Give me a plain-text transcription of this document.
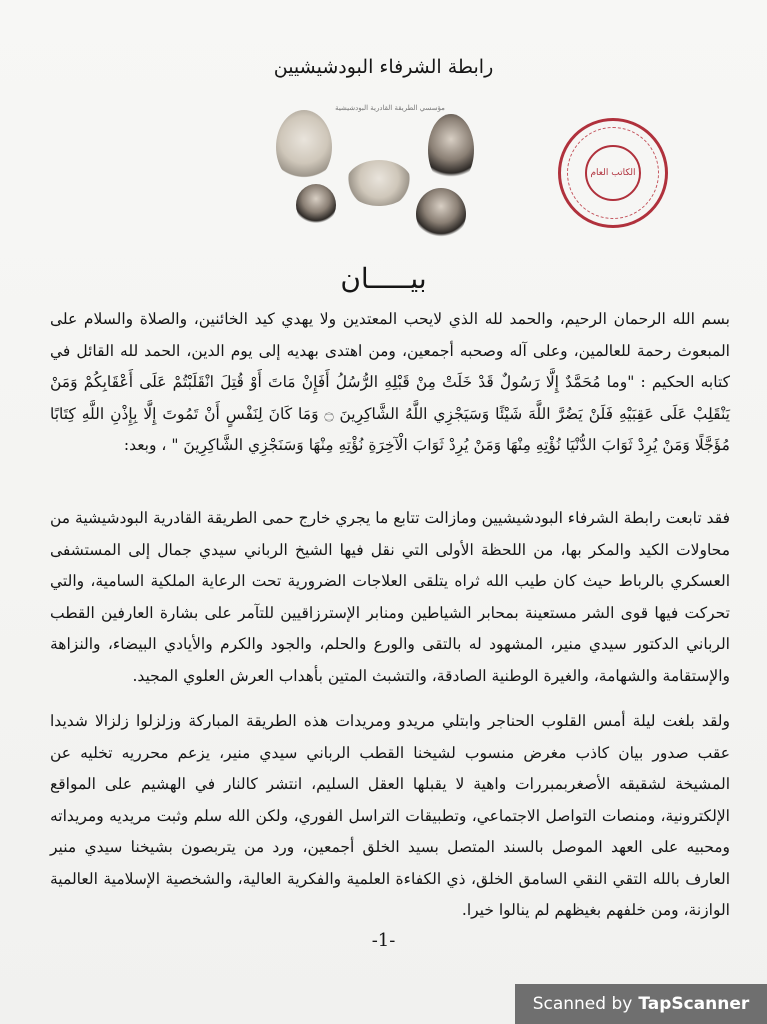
رابطة الشرفاء البودشيشيين
مؤسسي الطريقة القادرية البودشيشية
الكاتب العام
بيـــــان
بسم الله الرحمان الرحيم، والحمد لله الذي لايحب المعتدين ولا يهدي كيد الخائنين، والصلاة والسلام على المبعوث رحمة للعالمين، وعلى آله وصحبه أجمعين، ومن اهتدى بهديه إلى يوم الدين، الحمد لله القائل في كتابه الحكيم : "وما مُحَمَّدٌ إِلَّا رَسُولٌ قَدْ خَلَتْ مِنْ قَبْلِهِ الرُّسُلُ أَفَإِنْ مَاتَ أَوْ قُتِلَ انْقَلَبْتُمْ عَلَى أَعْقَابِكُمْ وَمَنْ يَنْقَلِبْ عَلَى عَقِبَيْهِ فَلَنْ يَضُرَّ اللَّهَ شَيْئًا وَسَيَجْزِي اللَّهُ الشَّاكِرِينَ ۝ وَمَا كَانَ لِنَفْسٍ أَنْ تَمُوتَ إِلَّا بِإِذْنِ اللَّهِ كِتَابًا مُؤَجَّلًا وَمَنْ يُرِدْ ثَوَابَ الدُّنْيَا نُؤْتِهِ مِنْهَا وَمَنْ يُرِدْ ثَوَابَ الْآخِرَةِ نُؤْتِهِ مِنْهَا وَسَنَجْزِي الشَّاكِرِينَ " ، وبعد:
فقد تابعت رابطة الشرفاء البودشيشيين ومازالت تتابع ما يجري خارج حمى الطريقة القادرية البودشيشية من محاولات الكيد والمكر بها، من اللحظة الأولى التي نقل فيها الشيخ الرباني سيدي جمال إلى المستشفى العسكري بالرباط حيث كان طيب الله ثراه يتلقى العلاجات الضرورية تحت الرعاية الملكية السامية، والتي تحركت فيها قوى الشر مستعينة بمحابر الشياطين ومنابر الإسترزاقيين للتآمر على بشارة العارفين القطب الرباني الدكتور سيدي منير، المشهود له بالتقى والورع والحلم، والجود والكرم والأيادي البيضاء، والنزاهة والإستقامة والشهامة، والغيرة الوطنية الصادقة، والتشبث المتين بأهداب العرش العلوي المجيد.
ولقد بلغت ليلة أمس القلوب الحناجر وابتلي مريدو ومريدات هذه الطريقة المباركة وزلزلوا زلزالا شديدا عقب صدور بيان كاذب مغرض منسوب لشيخنا القطب الرباني سيدي منير، يزعم محرريه تخليه عن المشيخة لشقيقه الأصغربمبررات واهية لا يقبلها العقل السليم، انتشر كالنار في الهشيم على المواقع الإلكترونية، ومنصات التواصل الاجتماعي، وتطبيقات التراسل الفوري، ولكن الله سلم وثبت مريديه ومريداته ومحبيه على العهد الموصل بالسند المتصل بسيد الخلق أجمعين، ورد من يتربصون بشيخنا سيدي منير العارف بالله التقي النقي السامق الخلق، ذي الكفاءة العلمية والفكرية العالية، والشخصية الإسلامية العالمية الوازنة، ومن خلفهم بغيظهم لم ينالوا خيرا.
-1-
Scanned by TapScanner
